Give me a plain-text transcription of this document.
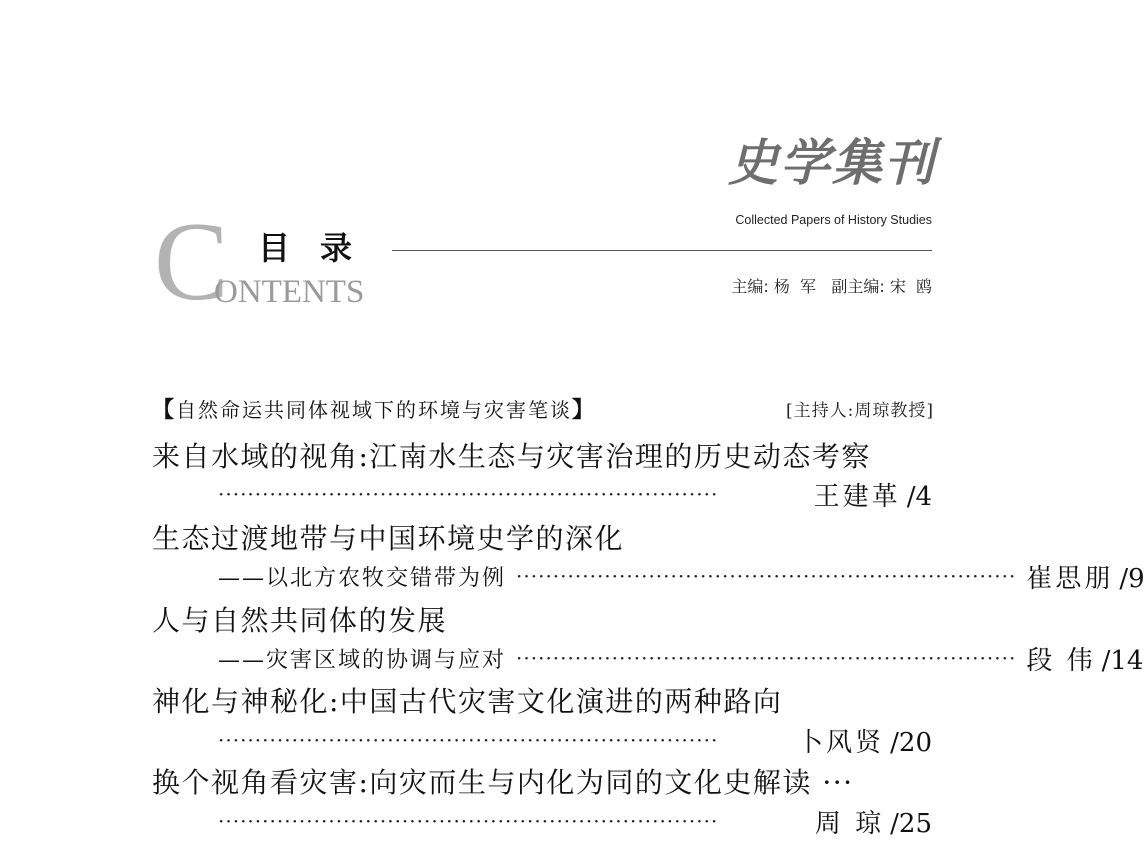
史学集刊
Collected Papers of History Studies
C
ONTENTS
目录
主编: 杨  军 副主编: 宋  鸥
【自然命运共同体视域下的环境与灾害笔谈】	[主持人:周琼教授]
来自水域的视角:江南水生态与灾害治理的历史动态考察
····································································	王建革 /4
生态过渡地带与中国环境史学的深化
——以北方农牧交错带为例 ···································································· 崔思朋 /9
人与自然共同体的发展
——灾害区域的协调与应对 ···································································· 段 伟 /14
神化与神秘化:中国古代灾害文化演进的两种路向
····································································	卜风贤 /20
换个视角看灾害:向灾而生与内化为同的文化史解读 ···
····································································	周 琼 /25
